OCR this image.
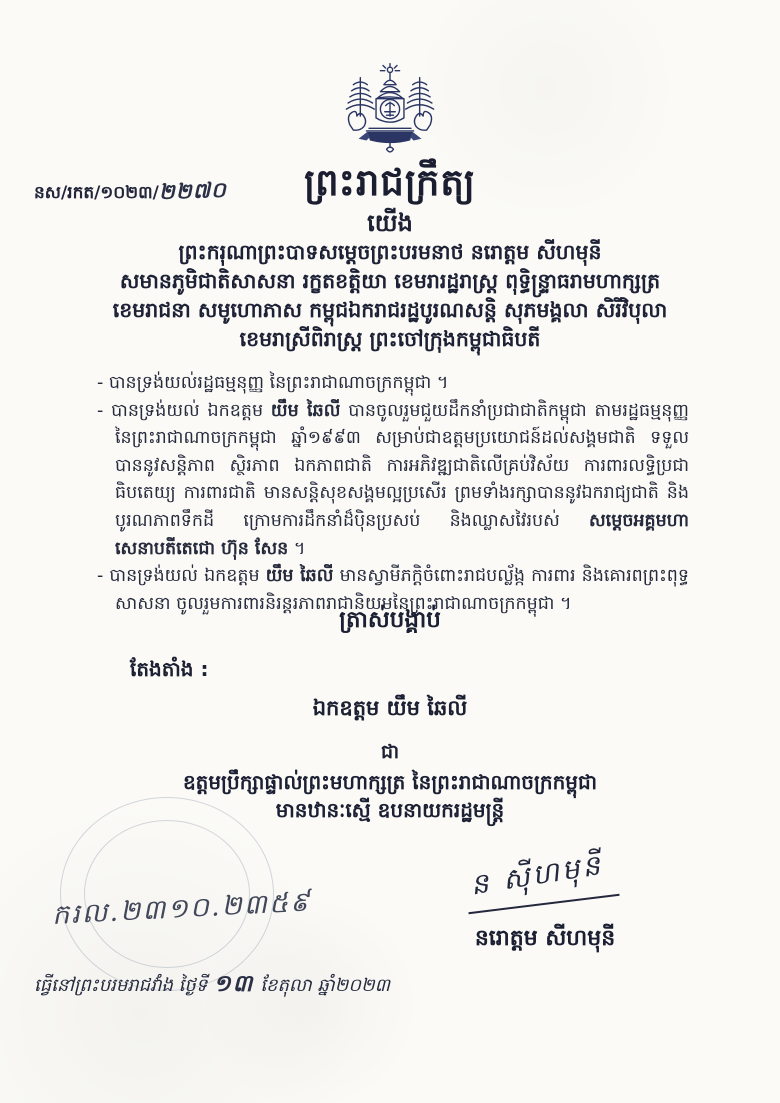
នស/រកត/១០២៣/២២៧០	ព្រះរាជក្រឹត្យ
យើង
ព្រះករុណាព្រះបាទសម្តេចព្រះបរមនាថ នរោត្តម សីហមុនី
សមានភូមិជាតិសាសនា រក្ខតខត្តិយា ខេមរារដ្ឋរាស្ត្រ ពុទ្ធិន្ទ្រាធរាមហាក្សត្រ
ខេមរាជនា សមូហោភាស កម្ពុជឯករាជរដ្ឋបូរណសន្តិ សុភមង្គលា សិរីវិបុលា
ខេមរាស្រីពិរាស្ត្រ ព្រះចៅក្រុងកម្ពុជាធិបតី

- បានទ្រង់យល់រដ្ឋធម្មនុញ្ញ នៃព្រះរាជាណាចក្រកម្ពុជា ។

- បានទ្រង់យល់ ឯកឧត្តម យឹម ឆៃលី បានចូលរួមជួយដឹកនាំប្រជាជាតិកម្ពុជា តាមរដ្ឋធម្មនុញ្ញ នៃព្រះរាជាណាចក្រកម្ពុជា ឆ្នាំ១៩៩៣ សម្រាប់ជាឧត្តមប្រយោជន៍ដល់សង្គមជាតិ ទទួលបាននូវសន្តិភាព ស្ថិរភាព ឯកភាពជាតិ ការអភិវឌ្ឍជាតិលើគ្រប់វិស័យ ការពារលទ្ធិប្រជាធិបតេយ្យ ការពារជាតិ មានសន្តិសុខសង្គមល្អប្រសើរ ព្រមទាំងរក្សាបាននូវឯករាជ្យជាតិ និងបូរណភាពទឹកដី ក្រោមការដឹកនាំដ៏ប៉ិនប្រសប់ និងឈ្លាសវៃរបស់ សម្តេចអគ្គមហាសេនាបតីតេជោ ហ៊ុន សែន ។

- បានទ្រង់យល់ ឯកឧត្តម យឹម ឆៃលី មានស្វាមីភក្តិចំពោះរាជបល្ល័ង្ក ការពារ និងគោរពព្រះពុទ្ធសាសនា ចូលរួមការពារនិរន្តរភាពរាជានិយមនៃព្រះរាជាណាចក្រកម្ពុជា ។

ត្រាស់បង្គាប់
តែងតាំង :
ឯកឧត្តម យឹម ឆៃលី
ជា
ឧត្តមប្រឹក្សាផ្ទាល់ព្រះមហាក្សត្រ នៃព្រះរាជាណាចក្រកម្ពុជា
មានឋានៈស្មើ ឧបនាយករដ្ឋមន្ត្រី
ករល.២៣១០.២៣៥៩
ន ស៊ីហមុនី
នរោត្តម សីហមុនី
ធ្វើនៅព្រះបរមរាជវាំង ថ្ងៃទី ១៣ ខែតុលា ឆ្នាំ២០២៣
